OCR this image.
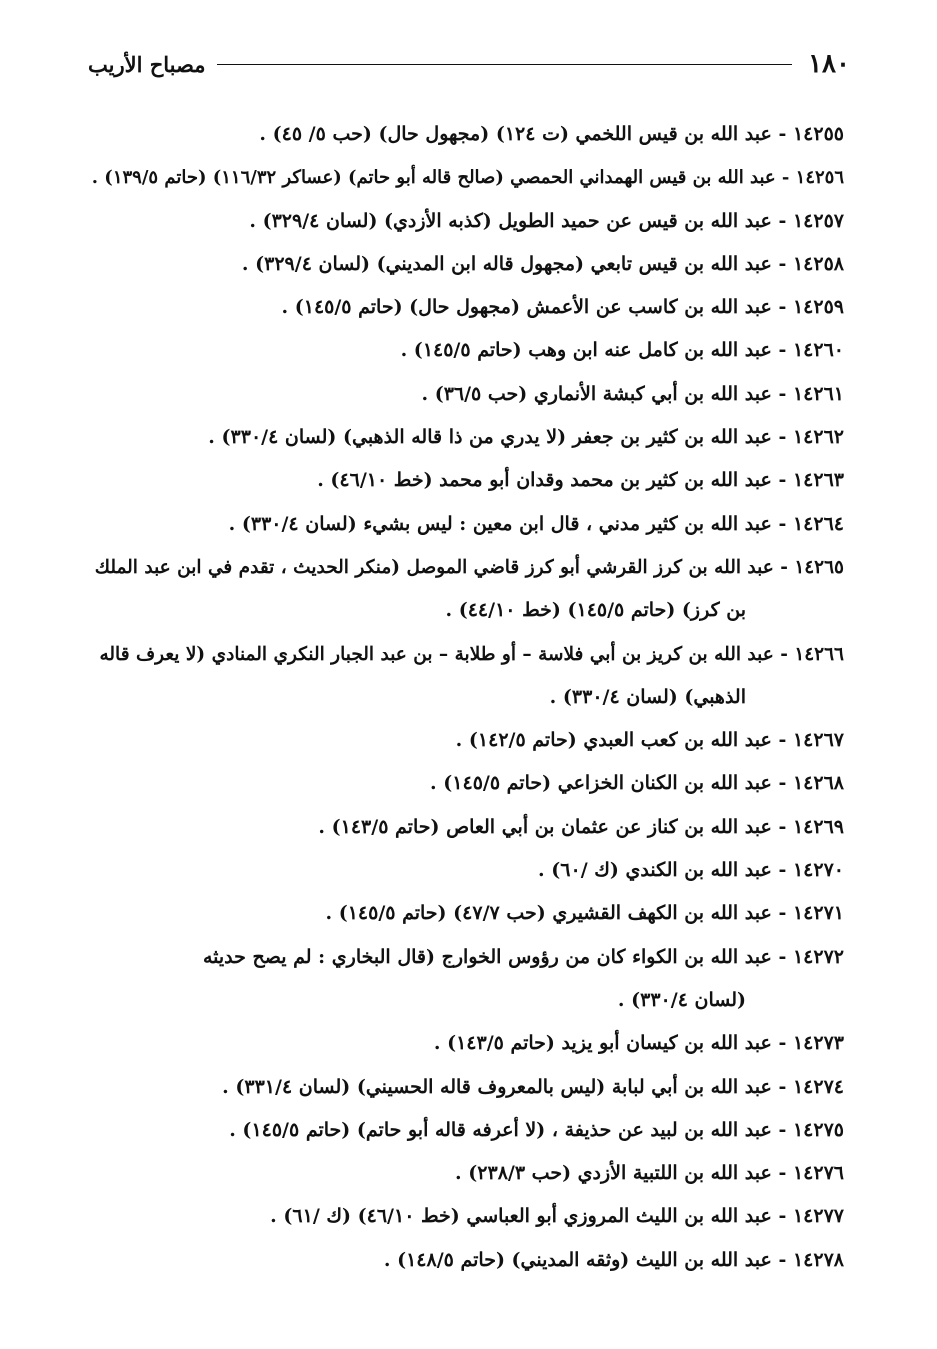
١٨٠
مصباح الأريب
١٤٢٥٥ - عبد الله بن قيس اللخمي (ت ١٢٤) (مجهول حال) (حب ٥/ ٤٥) .
١٤٢٥٦ - عبد الله بن قيس الهمداني الحمصي (صالح قاله أبو حاتم) (عساكر ١١٦/٣٢) (حاتم ١٣٩/٥) .
١٤٢٥٧ - عبد الله بن قيس عن حميد الطويل (كذبه الأزدي) (لسان ٣٢٩/٤) .
١٤٢٥٨ - عبد الله بن قيس تابعي (مجهول قاله ابن المديني) (لسان ٣٢٩/٤) .
١٤٢٥٩ - عبد الله بن كاسب عن الأعمش (مجهول حال) (حاتم ١٤٥/٥) .
١٤٢٦٠ - عبد الله بن كامل عنه ابن وهب (حاتم ١٤٥/٥) .
١٤٢٦١ - عبد الله بن أبي كبشة الأنماري (حب ٣٦/٥) .
١٤٢٦٢ - عبد الله بن كثير بن جعفر (لا يدري من ذا قاله الذهبي) (لسان ٣٣٠/٤) .
١٤٢٦٣ - عبد الله بن كثير بن محمد وقدان أبو محمد (خط ٤٦/١٠) .
١٤٢٦٤ - عبد الله بن كثير مدني ، قال ابن معين : ليس بشيء (لسان ٣٣٠/٤) .
١٤٢٦٥ - عبد الله بن كرز القرشي أبو كرز قاضي الموصل (منكر الحديث ، تقدم في ابن عبد الملك
بن كرز) (حاتم ١٤٥/٥) (خط ٤٤/١٠) .
١٤٢٦٦ - عبد الله بن كريز بن أبي فلاسة – أو طلابة – بن عبد الجبار النكري المنادي (لا يعرف قاله
الذهبي) (لسان ٣٣٠/٤) .
١٤٢٦٧ - عبد الله بن كعب العبدي (حاتم ١٤٢/٥) .
١٤٢٦٨ - عبد الله بن الكنان الخزاعي (حاتم ١٤٥/٥) .
١٤٢٦٩ - عبد الله بن كناز عن عثمان بن أبي العاص (حاتم ١٤٣/٥) .
١٤٢٧٠ - عبد الله بن الكندي (ك /٦٠) .
١٤٢٧١ - عبد الله بن الكهف القشيري (حب ٤٧/٧) (حاتم ١٤٥/٥) .
١٤٢٧٢ - عبد الله بن الكواء كان من رؤوس الخوارج (قال البخاري : لم يصح حديثه
(لسان ٣٣٠/٤) .
١٤٢٧٣ - عبد الله بن كيسان أبو يزيد (حاتم ١٤٣/٥) .
١٤٢٧٤ - عبد الله بن أبي لبابة (ليس بالمعروف قاله الحسيني) (لسان ٣٣١/٤) .
١٤٢٧٥ - عبد الله بن لبيد عن حذيفة ، (لا أعرفه قاله أبو حاتم) (حاتم ١٤٥/٥) .
١٤٢٧٦ - عبد الله بن اللتبية الأزدي (حب ٢٣٨/٣) .
١٤٢٧٧ - عبد الله بن الليث المروزي أبو العباسي (خط ٤٦/١٠) (ك /٦١) .
١٤٢٧٨ - عبد الله بن الليث (وثقه المديني) (حاتم ١٤٨/٥) .
